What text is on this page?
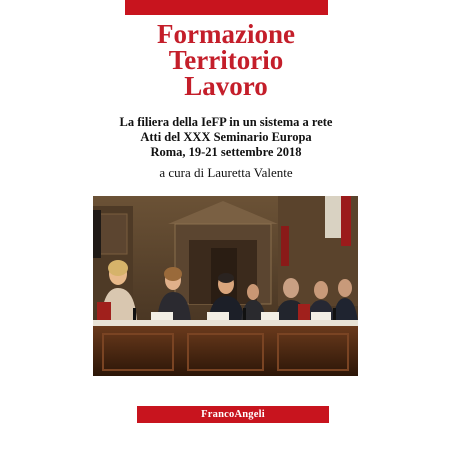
Formazione
Territorio
Lavoro
La filiera della IeFP in un sistema a rete
Atti del XXX Seminario Europa
Roma, 19-21 settembre 2018
a cura di Lauretta Valente
FrancoAngeli
